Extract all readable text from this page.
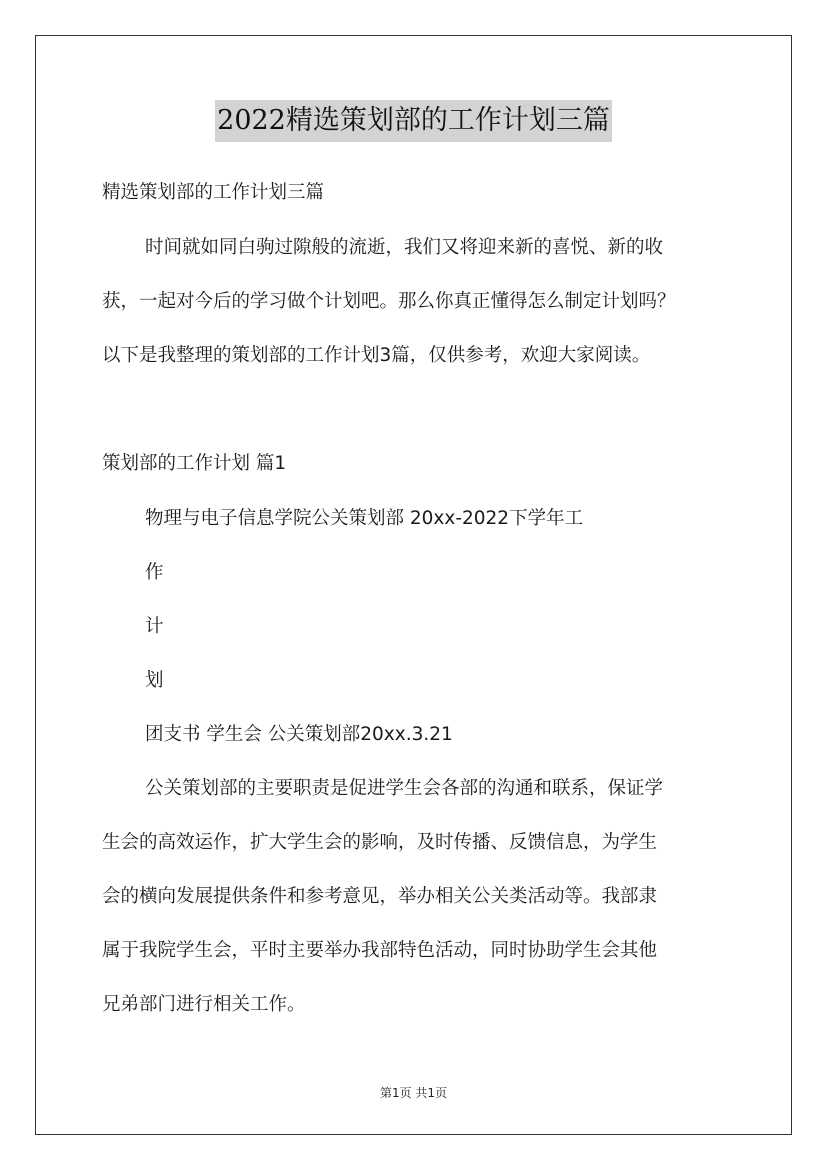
2022精选策划部的工作计划三篇

精选策划部的工作计划三篇

时间就如同白驹过隙般的流逝，我们又将迎来新的喜悦、新的收

获，一起对今后的学习做个计划吧。那么你真正懂得怎么制定计划吗？

以下是我整理的策划部的工作计划3篇，仅供参考，欢迎大家阅读。

策划部的工作计划 篇1

物理与电子信息学院公关策划部 20xx-2022下学年工

作

计

划

团支书 学生会 公关策划部20xx.3.21

公关策划部的主要职责是促进学生会各部的沟通和联系，保证学

生会的高效运作，扩大学生会的影响，及时传播、反馈信息，为学生

会的横向发展提供条件和参考意见，举办相关公关类活动等。我部隶

属于我院学生会，平时主要举办我部特色活动，同时协助学生会其他

兄弟部门进行相关工作。

第1页 共1页
